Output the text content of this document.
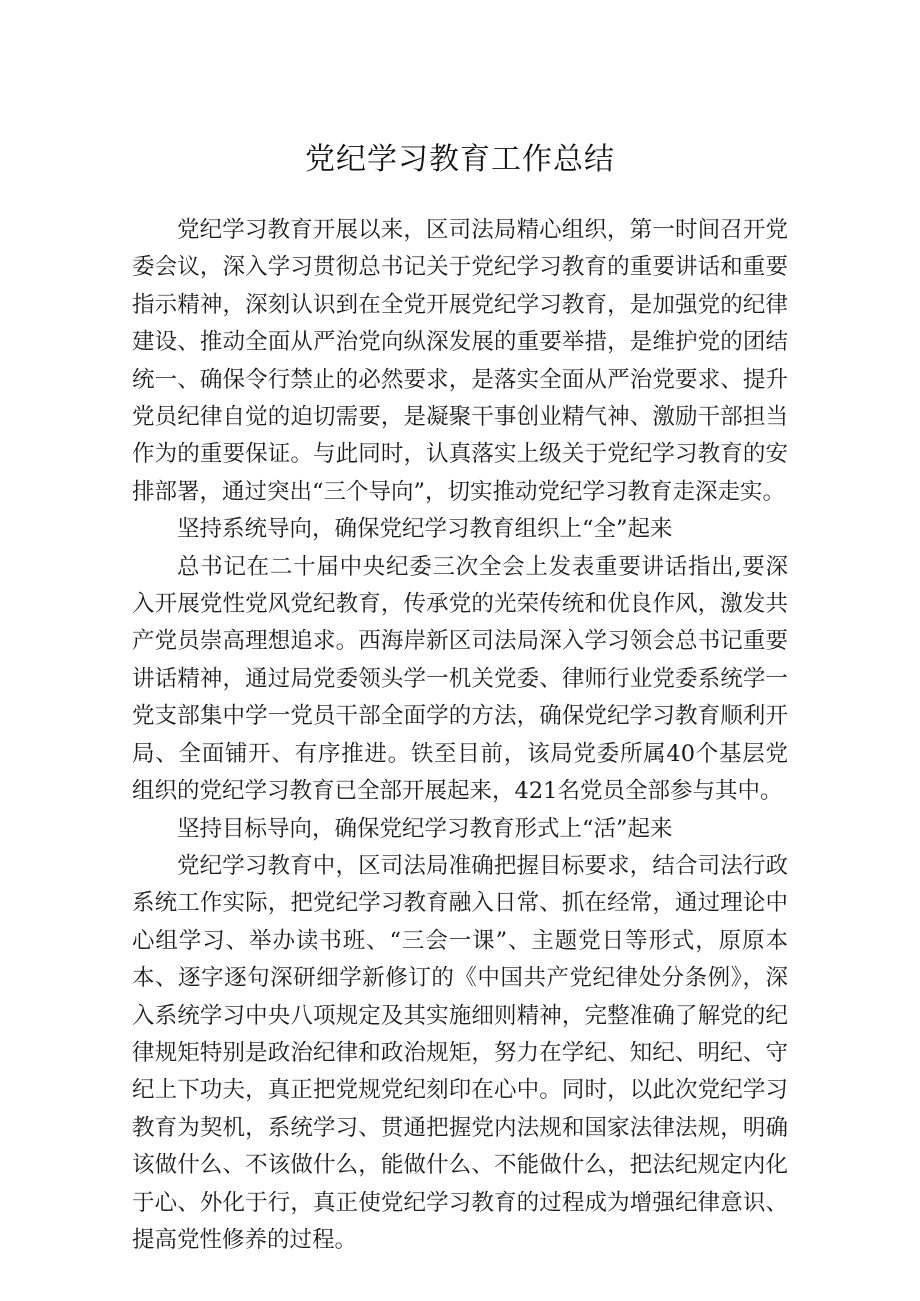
党纪学习教育工作总结

党纪学习教育开展以来，区司法局精心组织，第一时间召开党委会议，深入学习贯彻总书记关于党纪学习教育的重要讲话和重要指示精神，深刻认识到在全党开展党纪学习教育，是加强党的纪律建设、推动全面从严治党向纵深发展的重要举措，是维护党的团结统一、确保令行禁止的必然要求，是落实全面从严治党要求、提升党员纪律自觉的迫切需要，是凝聚干事创业精气神、激励干部担当作为的重要保证。与此同时，认真落实上级关于党纪学习教育的安排部署，通过突出“三个导向”，切实推动党纪学习教育走深走实。

坚持系统导向，确保党纪学习教育组织上“全”起来

总书记在二十届中央纪委三次全会上发表重要讲话指出,要深入开展党性党风党纪教育，传承党的光荣传统和优良作风，激发共产党员崇高理想追求。西海岸新区司法局深入学习领会总书记重要讲话精神，通过局党委领头学一机关党委、律师行业党委系统学一党支部集中学一党员干部全面学的方法，确保党纪学习教育顺利开局、全面铺开、有序推进。铁至目前，该局党委所属40个基层党组织的党纪学习教育已全部开展起来，421名党员全部参与其中。

坚持目标导向，确保党纪学习教育形式上“活”起来

党纪学习教育中，区司法局准确把握目标要求，结合司法行政系统工作实际，把党纪学习教育融入日常、抓在经常，通过理论中心组学习、举办读书班、“三会一课”、主题党日等形式，原原本本、逐字逐句深研细学新修订的《中国共产党纪律处分条例》，深入系统学习中央八项规定及其实施细则精神，完整准确了解党的纪律规矩特别是政治纪律和政治规矩，努力在学纪、知纪、明纪、守纪上下功夫，真正把党规党纪刻印在心中。同时，以此次党纪学习教育为契机，系统学习、贯通把握党内法规和国家法律法规，明确该做什么、不该做什么，能做什么、不能做什么，把法纪规定内化于心、外化于行，真正使党纪学习教育的过程成为增强纪律意识、提高党性修养的过程。
